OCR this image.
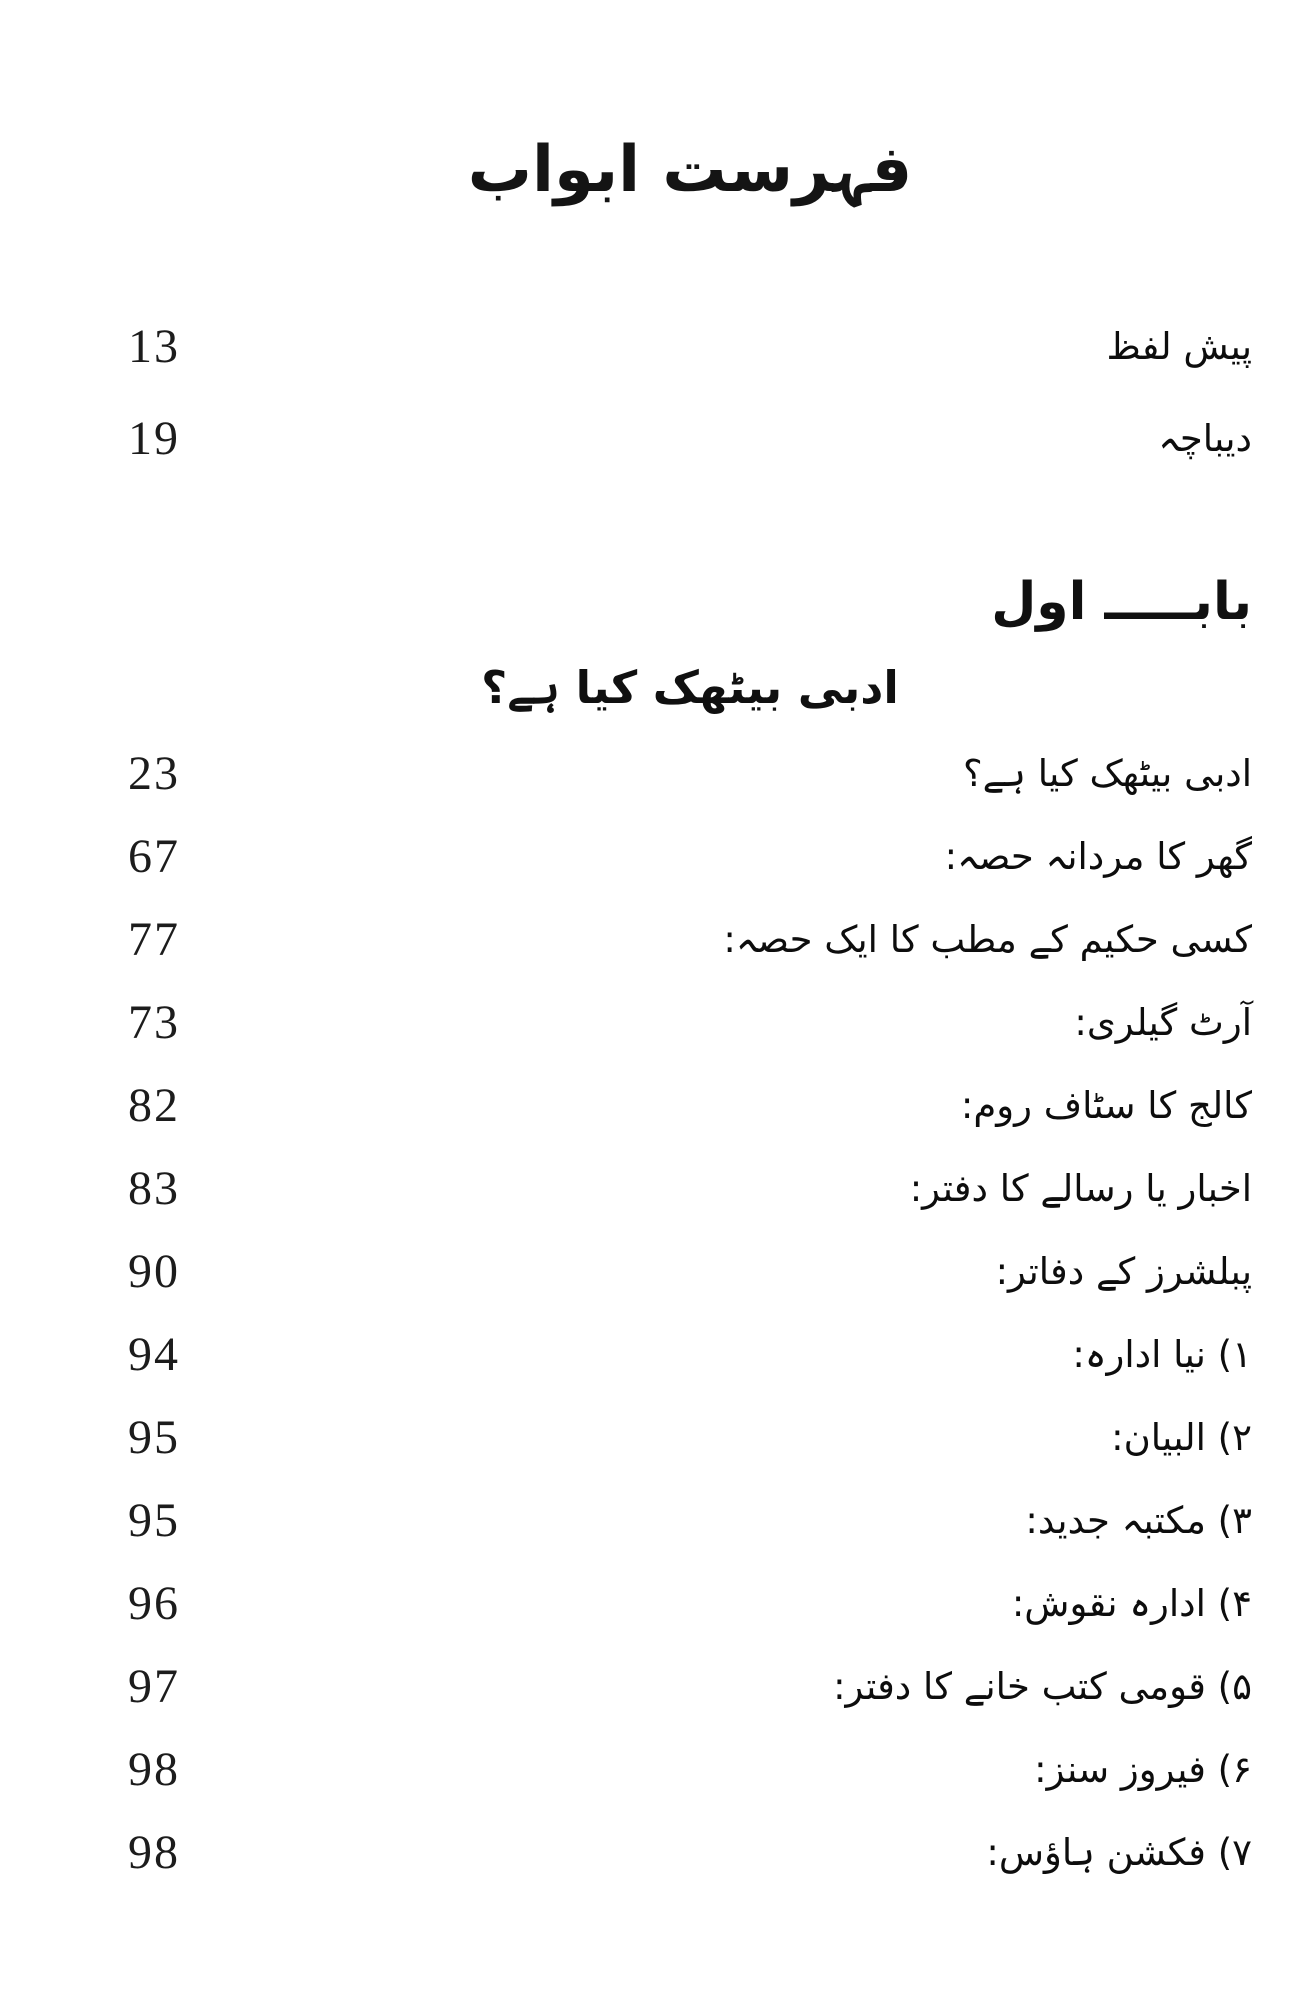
فہرست ابواب
13	پیش لفظ
19	دیباچہ
بابـــــ اول
ادبی بیٹھک کیا ہے؟
23	ادبی بیٹھک کیا ہے؟
67	گھر کا مردانہ حصہ:
77	کسی حکیم کے مطب کا ایک حصہ:
73	آرٹ گیلری:
82	کالج کا سٹاف روم:
83	اخبار یا رسالے کا دفتر:
90	پبلشرز کے دفاتر:
94	۱) نیا ادارہ:
95	۲) البیان:
95	۳) مکتبہ جدید:
96	۴) ادارہ نقوش:
97	۵) قومی کتب خانے کا دفتر:
98	۶) فیروز سنز:
98	۷) فکشن ہاؤس:
